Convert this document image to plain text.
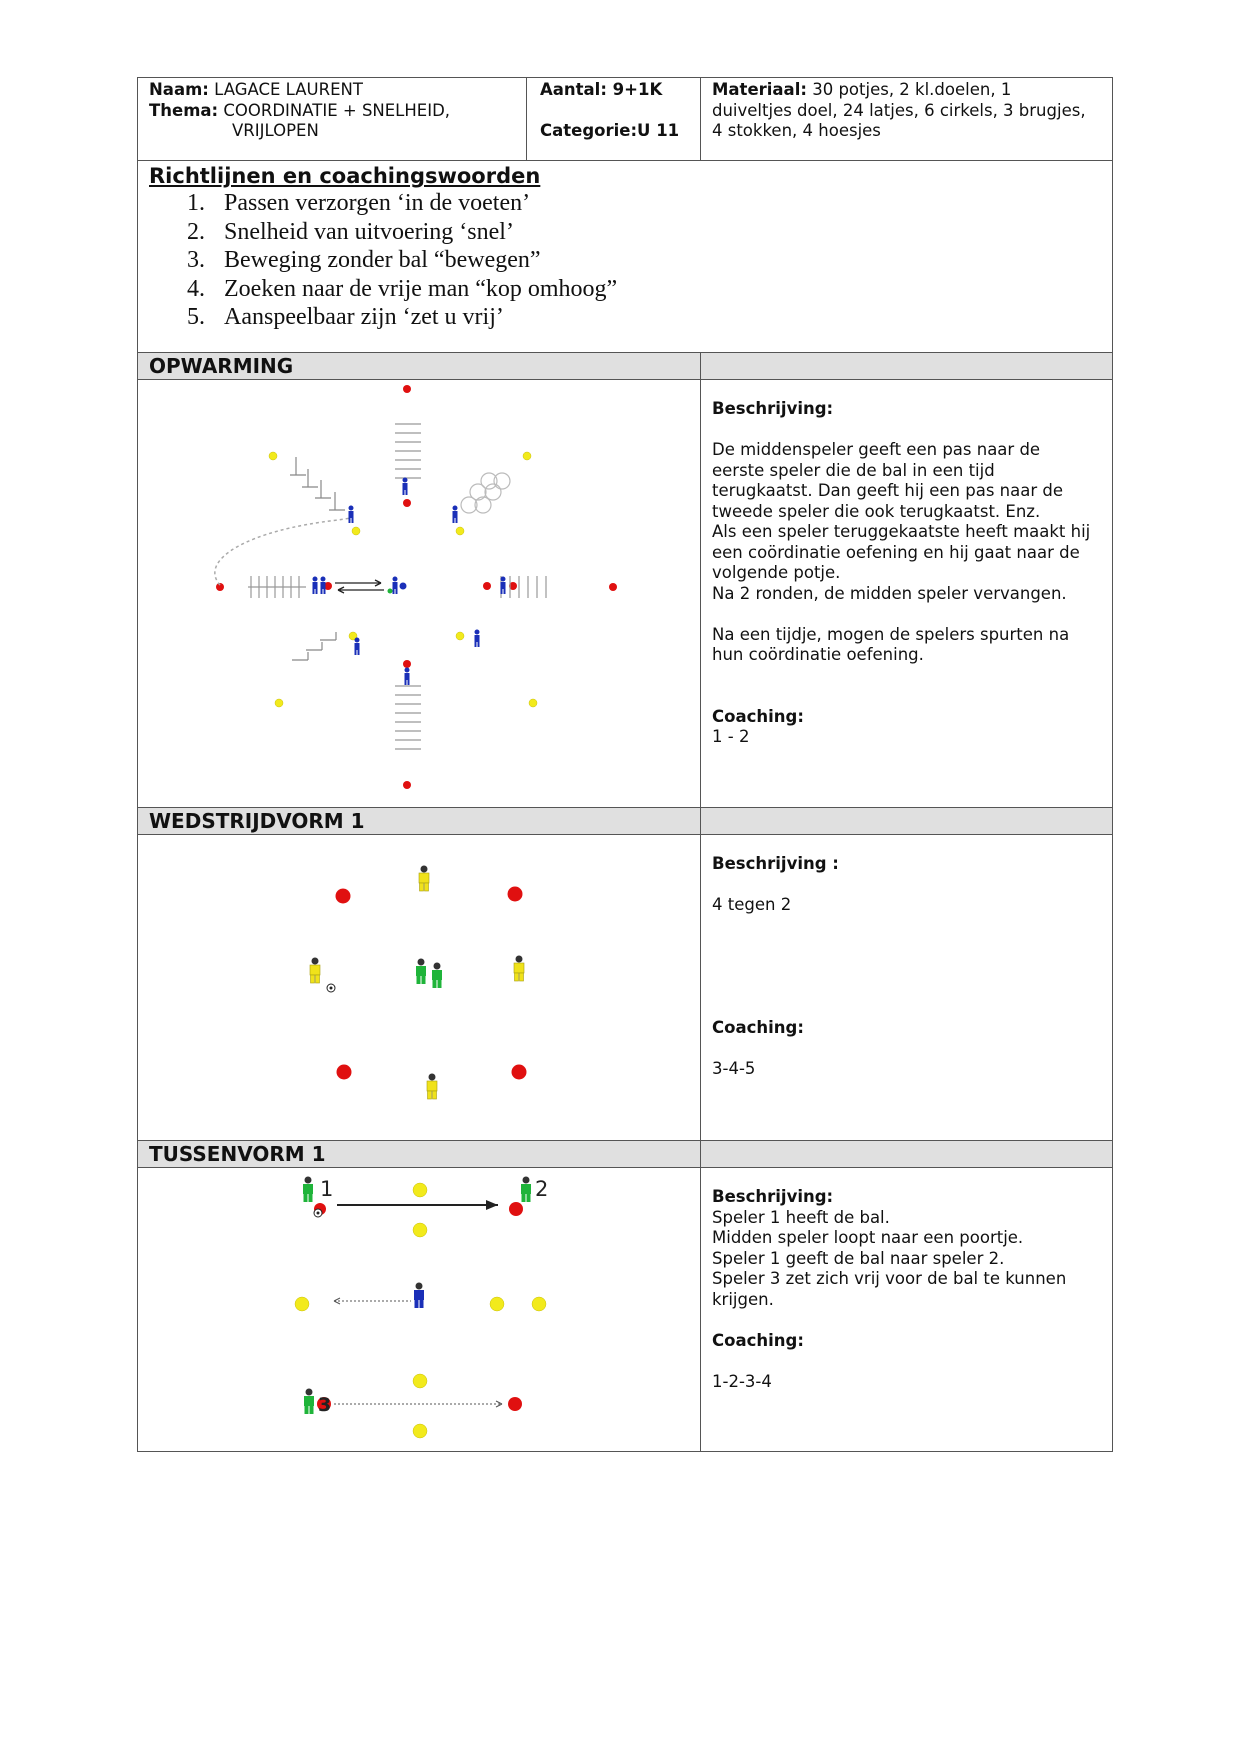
Naam: LAGACE LAURENT
Thema: COORDINATIE + SNELHEID,
VRIJLOPEN
Aantal: 9+1K
Categorie:U 11
Materiaal: 30 potjes, 2 kl.doelen, 1
duiveltjes doel, 24 latjes, 6 cirkels, 3 brugjes,
4 stokken, 4 hoesjes
Richtlijnen en coachingswoorden
1. Passen verzorgen ‘in de voeten’
2. Snelheid van uitvoering ‘snel’
3. Beweging zonder bal “bewegen”
4. Zoeken naar de vrije man “kop omhoog”
5. Aanspeelbaar zijn ‘zet u vrij’
OPWARMING
Beschrijving:
De middenspeler geeft een pas naar de
eerste speler die de bal in een tijd
terugkaatst. Dan geeft hij een pas naar de
tweede speler die ook terugkaatst. Enz.
Als een speler teruggekaatste heeft maakt hij
een coördinatie oefening en hij gaat naar de
volgende potje.
Na 2 ronden, de midden speler vervangen.
Na een tijdje, mogen de spelers spurten na
hun coördinatie oefening.
Coaching:
1 - 2
WEDSTRIJDVORM 1
Beschrijving :
4 tegen 2
Coaching:
3-4-5
TUSSENVORM 1
1	2
3
Beschrijving:
Speler 1 heeft de bal.
Midden speler loopt naar een poortje.
Speler 1 geeft de bal naar speler 2.
Speler 3 zet zich vrij voor de bal te kunnen
krijgen.
Coaching:
1-2-3-4
